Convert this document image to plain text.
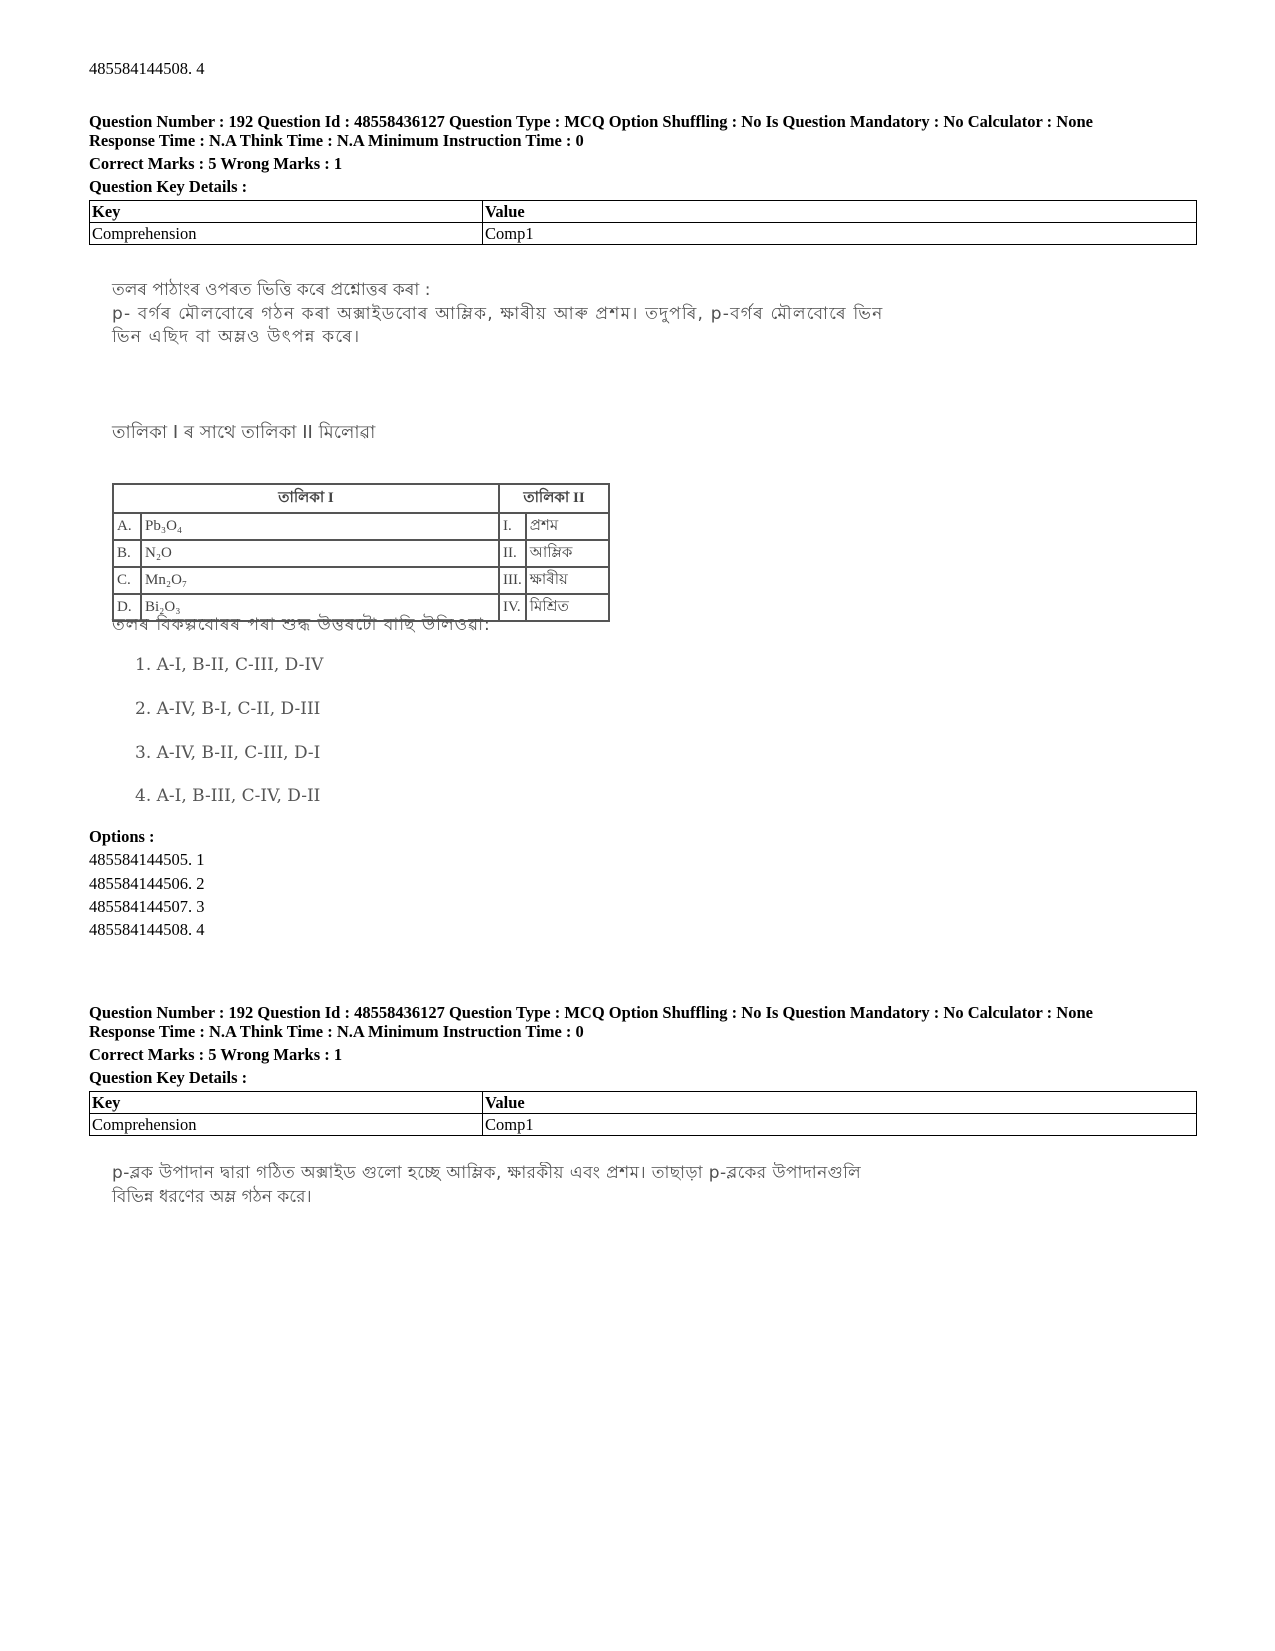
485584144508. 4
Question Number : 192 Question Id : 48558436127 Question Type : MCQ Option Shuffling : No Is Question Mandatory : No Calculator : None
Response Time : N.A Think Time : N.A Minimum Instruction Time : 0
Correct Marks : 5 Wrong Marks : 1
Question Key Details :
Key	Value
Comprehension	Comp1
তলৰ পাঠাংৰ ওপৰত ভিত্তি কৰে প্ৰশ্নোত্তৰ কৰা :
p- বৰ্গৰ মৌলবোৰে গঠন কৰা অক্সাইডবোৰ আম্লিক, ক্ষাৰীয় আৰু প্ৰশম। তদুপৰি, p-বৰ্গৰ মৌলবোৰে ভিন
ভিন এছিদ বা অম্লও উৎপন্ন কৰে।
তালিকা I ৰ সাথে তালিকা II মিলোৱা
তলৰ বিকল্পবোৰৰ পৰা শুদ্ধ উত্তৰটো বাছি উলিওৱা:
তালিকা I		তালিকা II	
A.	Pb₃O₄	I.	প্ৰশম
B.	N₂O	II.	আম্লিক
C.	Mn₂O₇	III.	ক্ষাৰীয়
D.	Bi₂O₃	IV.	মিশ্ৰিত
1. A-I, B-II, C-III, D-IV
2. A-IV, B-I, C-II, D-III
3. A-IV, B-II, C-III, D-I
4. A-I, B-III, C-IV, D-II
Options :
485584144505. 1
485584144506. 2
485584144507. 3
485584144508. 4
Question Number : 192 Question Id : 48558436127 Question Type : MCQ Option Shuffling : No Is Question Mandatory : No Calculator : None
Response Time : N.A Think Time : N.A Minimum Instruction Time : 0
Correct Marks : 5 Wrong Marks : 1
Question Key Details :
Key	Value
Comprehension	Comp1
p-ব্লক উপাদান দ্বারা গঠিত অক্সাইড গুলো হচ্ছে আম্লিক, ক্ষারকীয় এবং প্রশম। তাছাড়া p-ব্লকের উপাদানগুলি
বিভিন্ন ধরণের অম্ল গঠন করে।
